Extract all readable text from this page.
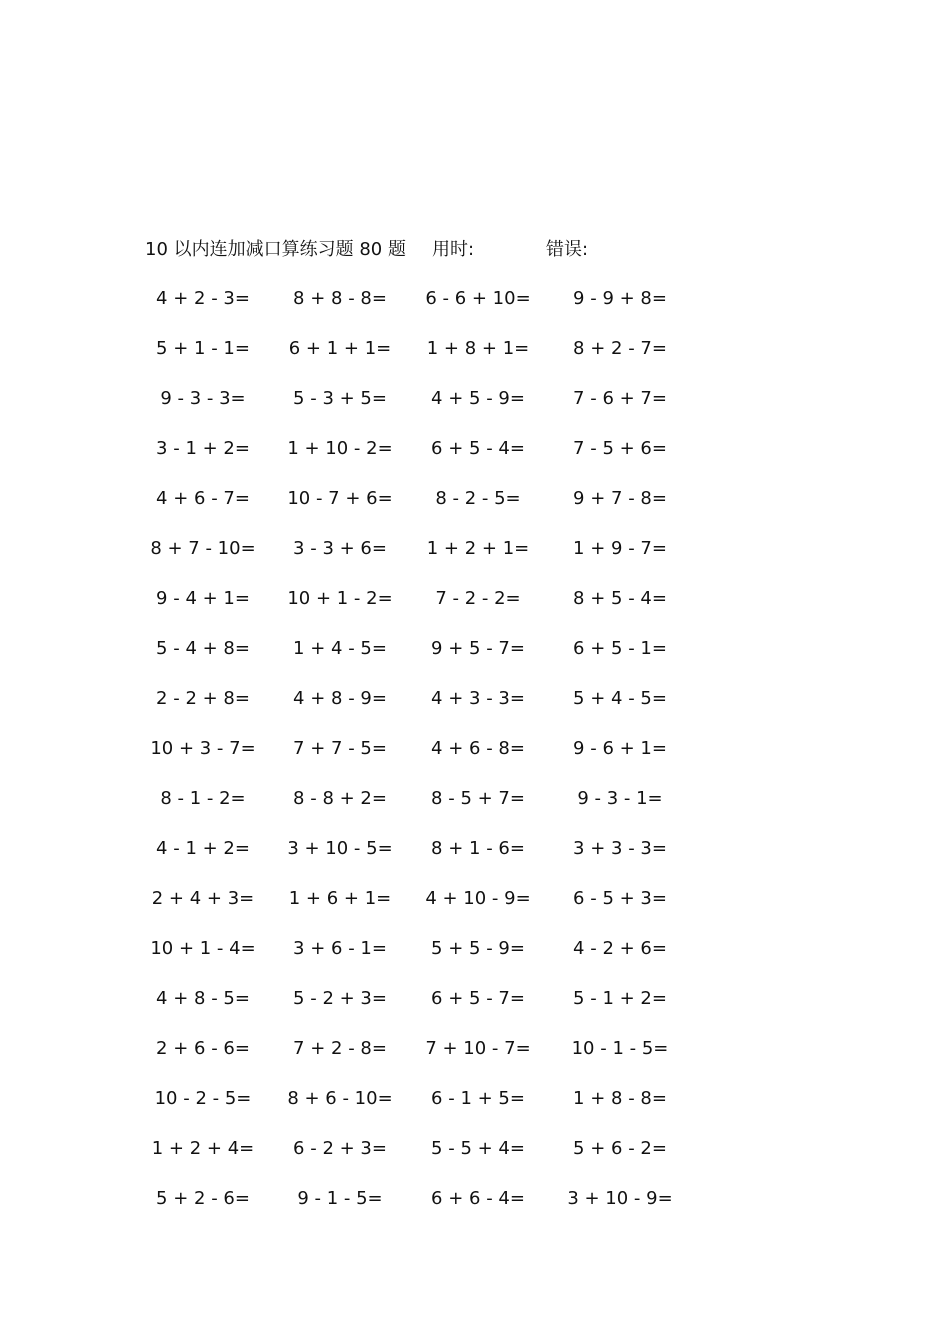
10 以内连加减口算练习题 80 题 用时:	错误:
4 + 2 - 3=	8 + 8 - 8=	6 - 6 + 10=	9 - 9 + 8=
5 + 1 - 1=	6 + 1 + 1=	1 + 8 + 1=	8 + 2 - 7=
9 - 3 - 3=	5 - 3 + 5=	4 + 5 - 9=	7 - 6 + 7=
3 - 1 + 2=	1 + 10 - 2=	6 + 5 - 4=	7 - 5 + 6=
4 + 6 - 7=	10 - 7 + 6=	8 - 2 - 5=	9 + 7 - 8=
8 + 7 - 10=	3 - 3 + 6=	1 + 2 + 1=	1 + 9 - 7=
9 - 4 + 1=	10 + 1 - 2=	7 - 2 - 2=	8 + 5 - 4=
5 - 4 + 8=	1 + 4 - 5=	9 + 5 - 7=	6 + 5 - 1=
2 - 2 + 8=	4 + 8 - 9=	4 + 3 - 3=	5 + 4 - 5=
10 + 3 - 7=	7 + 7 - 5=	4 + 6 - 8=	9 - 6 + 1=
8 - 1 - 2=	8 - 8 + 2=	8 - 5 + 7=	9 - 3 - 1=
4 - 1 + 2=	3 + 10 - 5=	8 + 1 - 6=	3 + 3 - 3=
2 + 4 + 3=	1 + 6 + 1=	4 + 10 - 9=	6 - 5 + 3=
10 + 1 - 4=	3 + 6 - 1=	5 + 5 - 9=	4 - 2 + 6=
4 + 8 - 5=	5 - 2 + 3=	6 + 5 - 7=	5 - 1 + 2=
2 + 6 - 6=	7 + 2 - 8=	7 + 10 - 7=	10 - 1 - 5=
10 - 2 - 5=	8 + 6 - 10=	6 - 1 + 5=	1 + 8 - 8=
1 + 2 + 4=	6 - 2 + 3=	5 - 5 + 4=	5 + 6 - 2=
5 + 2 - 6=	9 - 1 - 5=	6 + 6 - 4=	3 + 10 - 9=
